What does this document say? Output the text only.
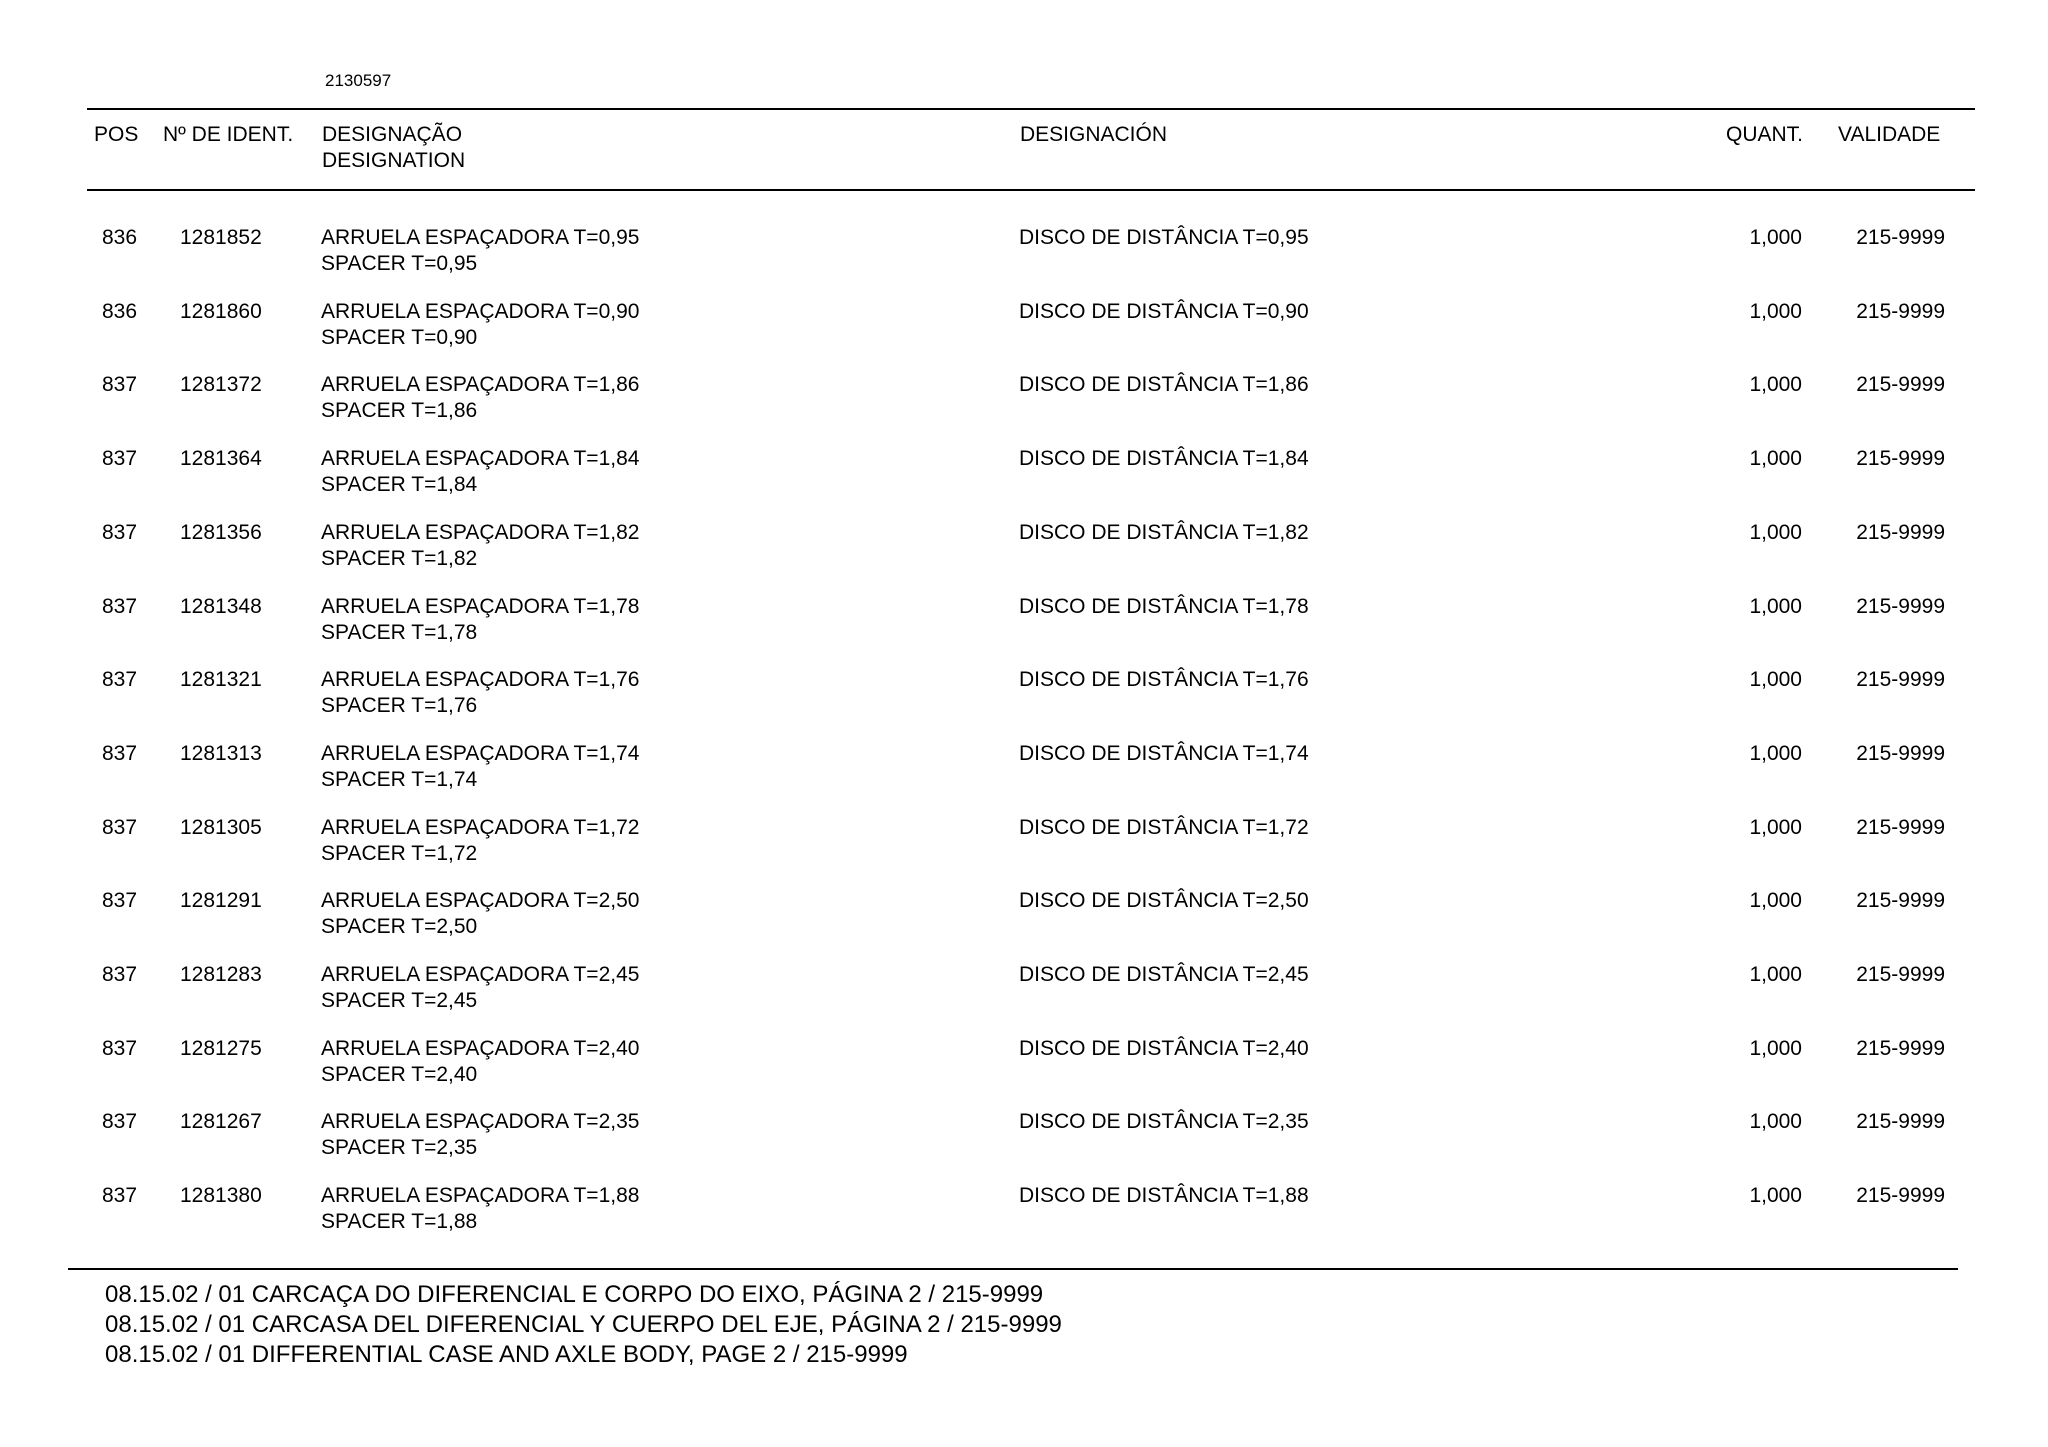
2130597
POS Nº DE IDENT. DESIGNAÇÃO
DESIGNATION
DESIGNACIÓN	QUANT. VALIDADE
836 1281852	ARRUELA ESPAÇADORA T=0,95
SPACER T=0,95
DISCO DE DISTÂNCIA T=0,95	1,000	215-9999
836 1281860	ARRUELA ESPAÇADORA T=0,90
SPACER T=0,90
DISCO DE DISTÂNCIA T=0,90	1,000	215-9999
837 1281372	ARRUELA ESPAÇADORA T=1,86
SPACER T=1,86
DISCO DE DISTÂNCIA T=1,86	1,000	215-9999
837 1281364	ARRUELA ESPAÇADORA T=1,84
SPACER T=1,84
DISCO DE DISTÂNCIA T=1,84	1,000	215-9999
837 1281356	ARRUELA ESPAÇADORA T=1,82
SPACER T=1,82
DISCO DE DISTÂNCIA T=1,82	1,000	215-9999
837 1281348	ARRUELA ESPAÇADORA T=1,78
SPACER T=1,78
DISCO DE DISTÂNCIA T=1,78	1,000	215-9999
837 1281321	ARRUELA ESPAÇADORA T=1,76
SPACER T=1,76
DISCO DE DISTÂNCIA T=1,76	1,000	215-9999
837 1281313	ARRUELA ESPAÇADORA T=1,74
SPACER T=1,74
DISCO DE DISTÂNCIA T=1,74	1,000	215-9999
837 1281305	ARRUELA ESPAÇADORA T=1,72
SPACER T=1,72
DISCO DE DISTÂNCIA T=1,72	1,000	215-9999
837 1281291	ARRUELA ESPAÇADORA T=2,50
SPACER T=2,50
DISCO DE DISTÂNCIA T=2,50	1,000	215-9999
837 1281283	ARRUELA ESPAÇADORA T=2,45
SPACER T=2,45
DISCO DE DISTÂNCIA T=2,45	1,000	215-9999
837 1281275	ARRUELA ESPAÇADORA T=2,40
SPACER T=2,40
DISCO DE DISTÂNCIA T=2,40	1,000	215-9999
837 1281267	ARRUELA ESPAÇADORA T=2,35
SPACER T=2,35
DISCO DE DISTÂNCIA T=2,35	1,000	215-9999
837 1281380	ARRUELA ESPAÇADORA T=1,88
SPACER T=1,88
DISCO DE DISTÂNCIA T=1,88	1,000	215-9999
08.15.02 / 01 CARCAÇA DO DIFERENCIAL E CORPO DO EIXO, PÁGINA 2 / 215-9999
08.15.02 / 01 CARCASA DEL DIFERENCIAL Y CUERPO DEL EJE, PÁGINA 2 / 215-9999
08.15.02 / 01 DIFFERENTIAL CASE AND AXLE BODY, PAGE 2 / 215-9999
